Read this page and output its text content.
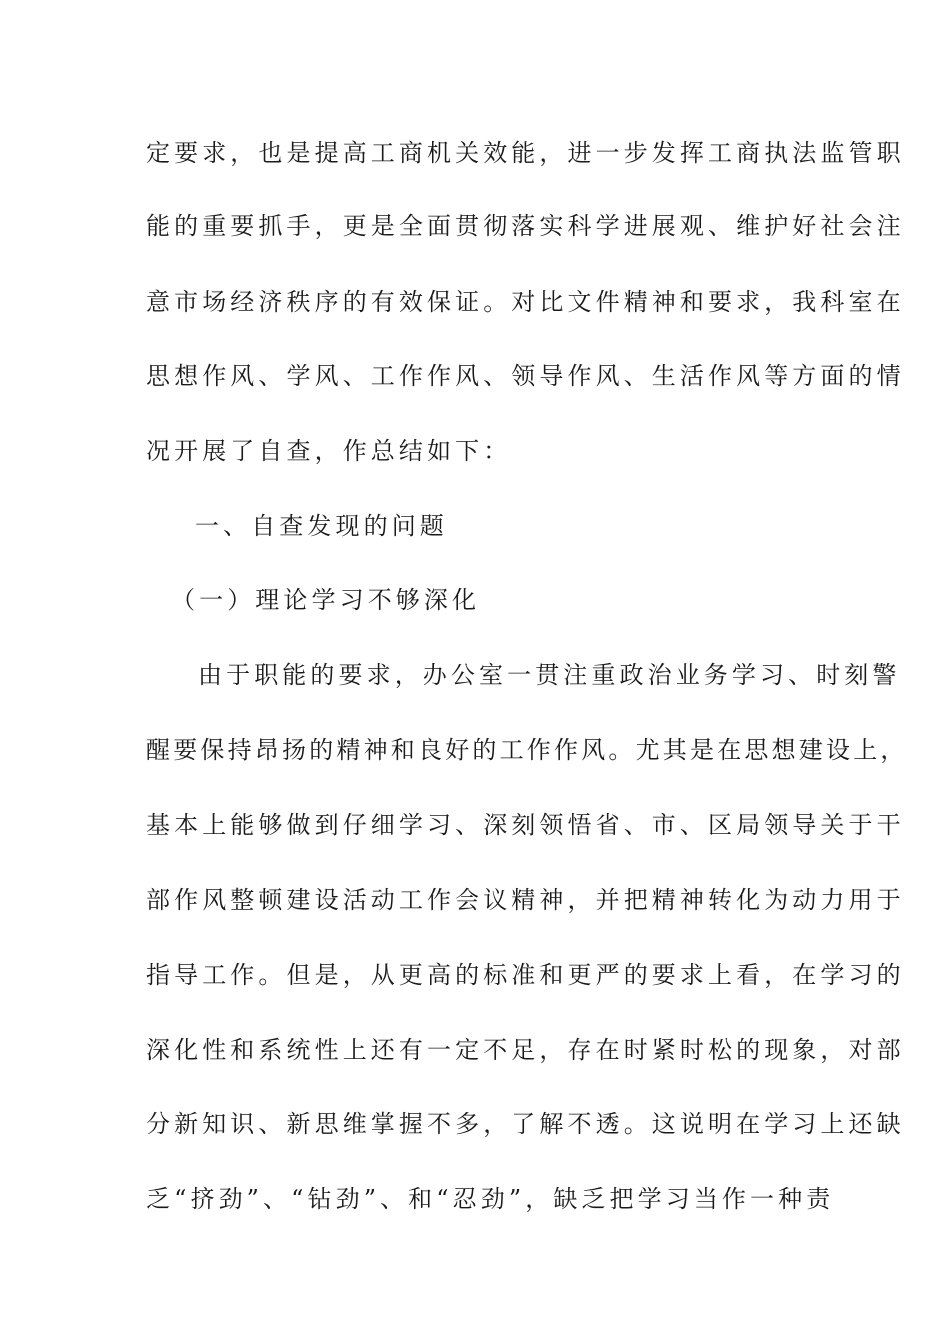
定要求，也是提高工商机关效能，进一步发挥工商执法监管职
能的重要抓手，更是全面贯彻落实科学进展观、维护好社会注
意市场经济秩序的有效保证。对比文件精神和要求，我科室在
思想作风、学风、工作作风、领导作风、生活作风等方面的情
况开展了自查，作总结如下：
一、自查发现的问题
（一）理论学习不够深化
由于职能的要求，办公室一贯注重政治业务学习、时刻警
醒要保持昂扬的精神和良好的工作作风。尤其是在思想建设上，
基本上能够做到仔细学习、深刻领悟省、市、区局领导关于干
部作风整顿建设活动工作会议精神，并把精神转化为动力用于
指导工作。但是，从更高的标准和更严的要求上看，在学习的
深化性和系统性上还有一定不足，存在时紧时松的现象，对部
分新知识、新思维掌握不多，了解不透。这说明在学习上还缺
乏“挤劲”、“钻劲”、和“忍劲”，缺乏把学习当作一种责
